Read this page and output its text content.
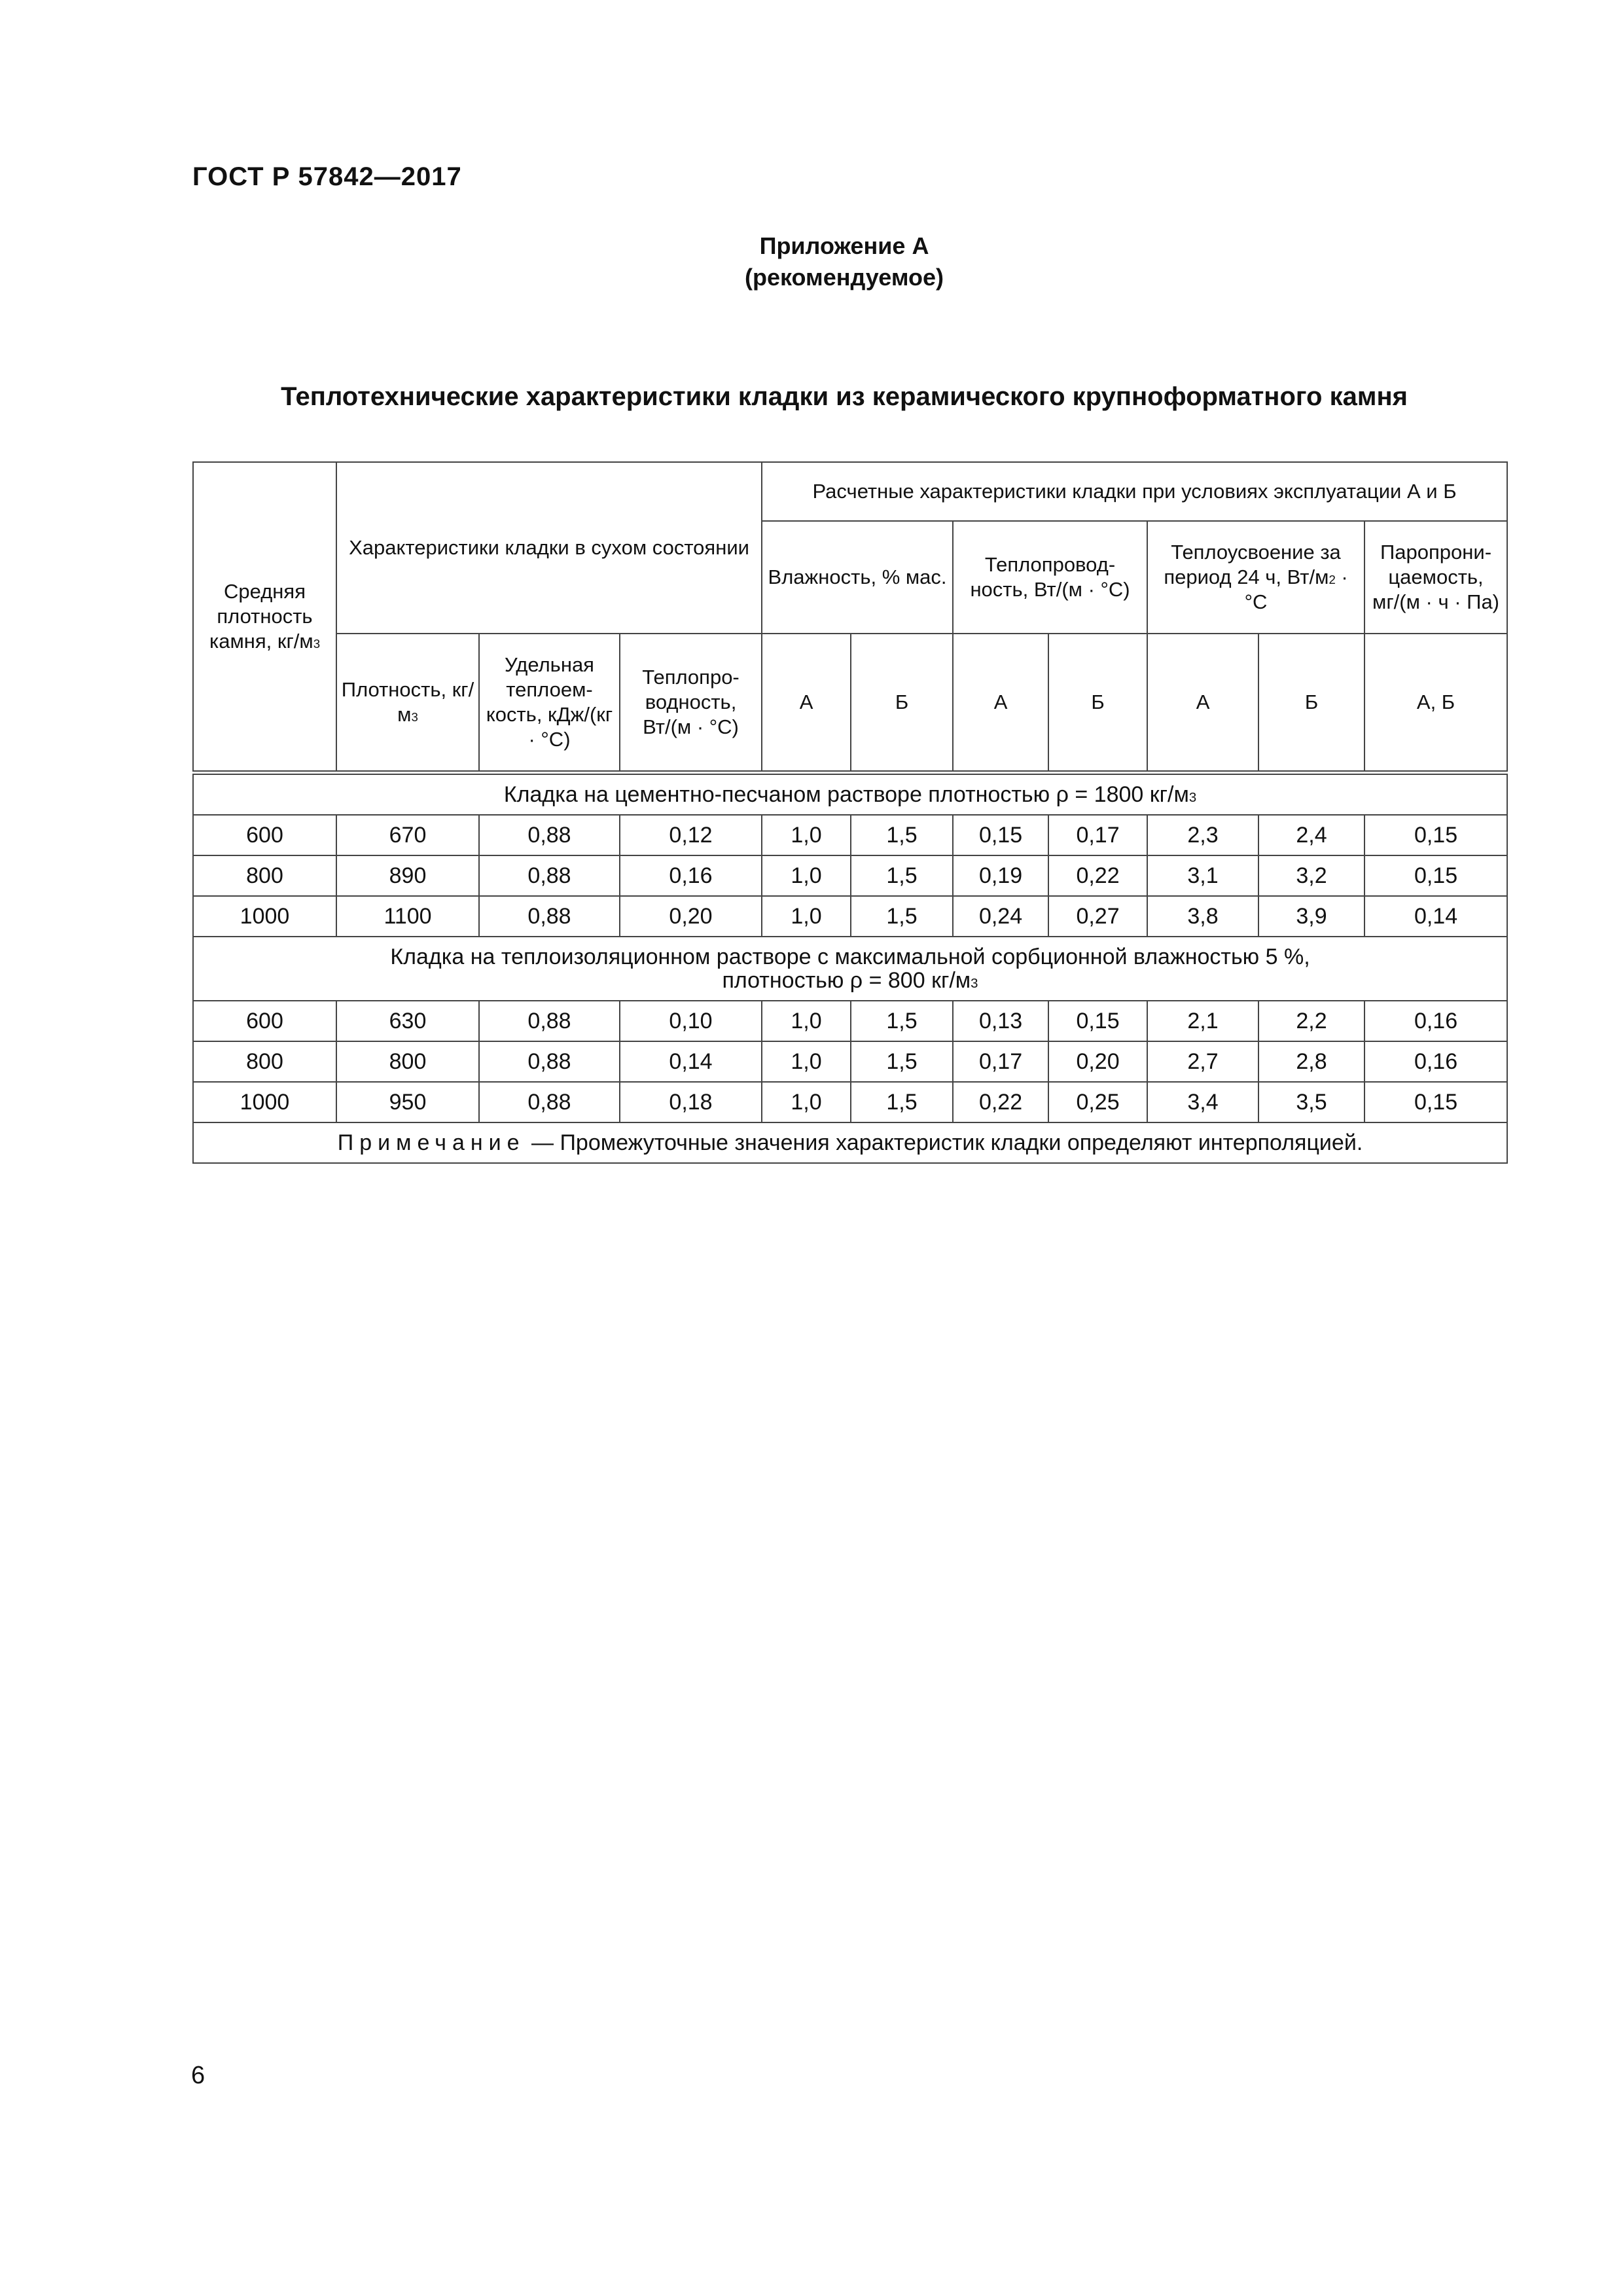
ГОСТ Р 57842—2017
Приложение А
(рекомендуемое)
Теплотехнические характеристики кладки из керамического крупноформатного камня
Средняя плотность камня, $кг/м^3$	Характеристики кладки в сухом состоянии			Расчетные характеристики кладки при условиях эксплуатации А и Б						
				Влажность, % мас.		Теплопровод-ность, Вт/(м · °С)		Теплоусвоение за период 24 ч, $Вт/м^2 \cdot ^\circ С$		Паропрони-цаемость, мг/(м · ч · Па)
	Плотность, $кг/м^3$	Удельная теплоем-кость, кДж/(кг · °С)	Теплопро-водность, Вт/(м · °С)	А	Б	А	Б	А	Б	А, Б
Кладка на цементно-песчаном растворе плотностью ρ = 1800 $кг/м^3$
600	670	0,88	0,12	1,0	1,5	0,15	0,17	2,3	2,4	0,15
800	890	0,88	0,16	1,0	1,5	0,19	0,22	3,1	3,2	0,15
1000	1100	0,88	0,20	1,0	1,5	0,24	0,27	3,8	3,9	0,14

Кладка на теплоизоляционном растворе с максимальной сорбционной влажностью 5 %,
плотностью ρ = 800 $кг/м^3$

600	630	0,88	0,10	1,0	1,5	0,13	0,15	2,1	2,2	0,16
800	800	0,88	0,14	1,0	1,5	0,17	0,20	2,7	2,8	0,16
1000	950	0,88	0,18	1,0	1,5	0,22	0,25	3,4	3,5	0,15
Примечание — Промежуточные значения характеристик кладки определяют интерполяцией.										
6
